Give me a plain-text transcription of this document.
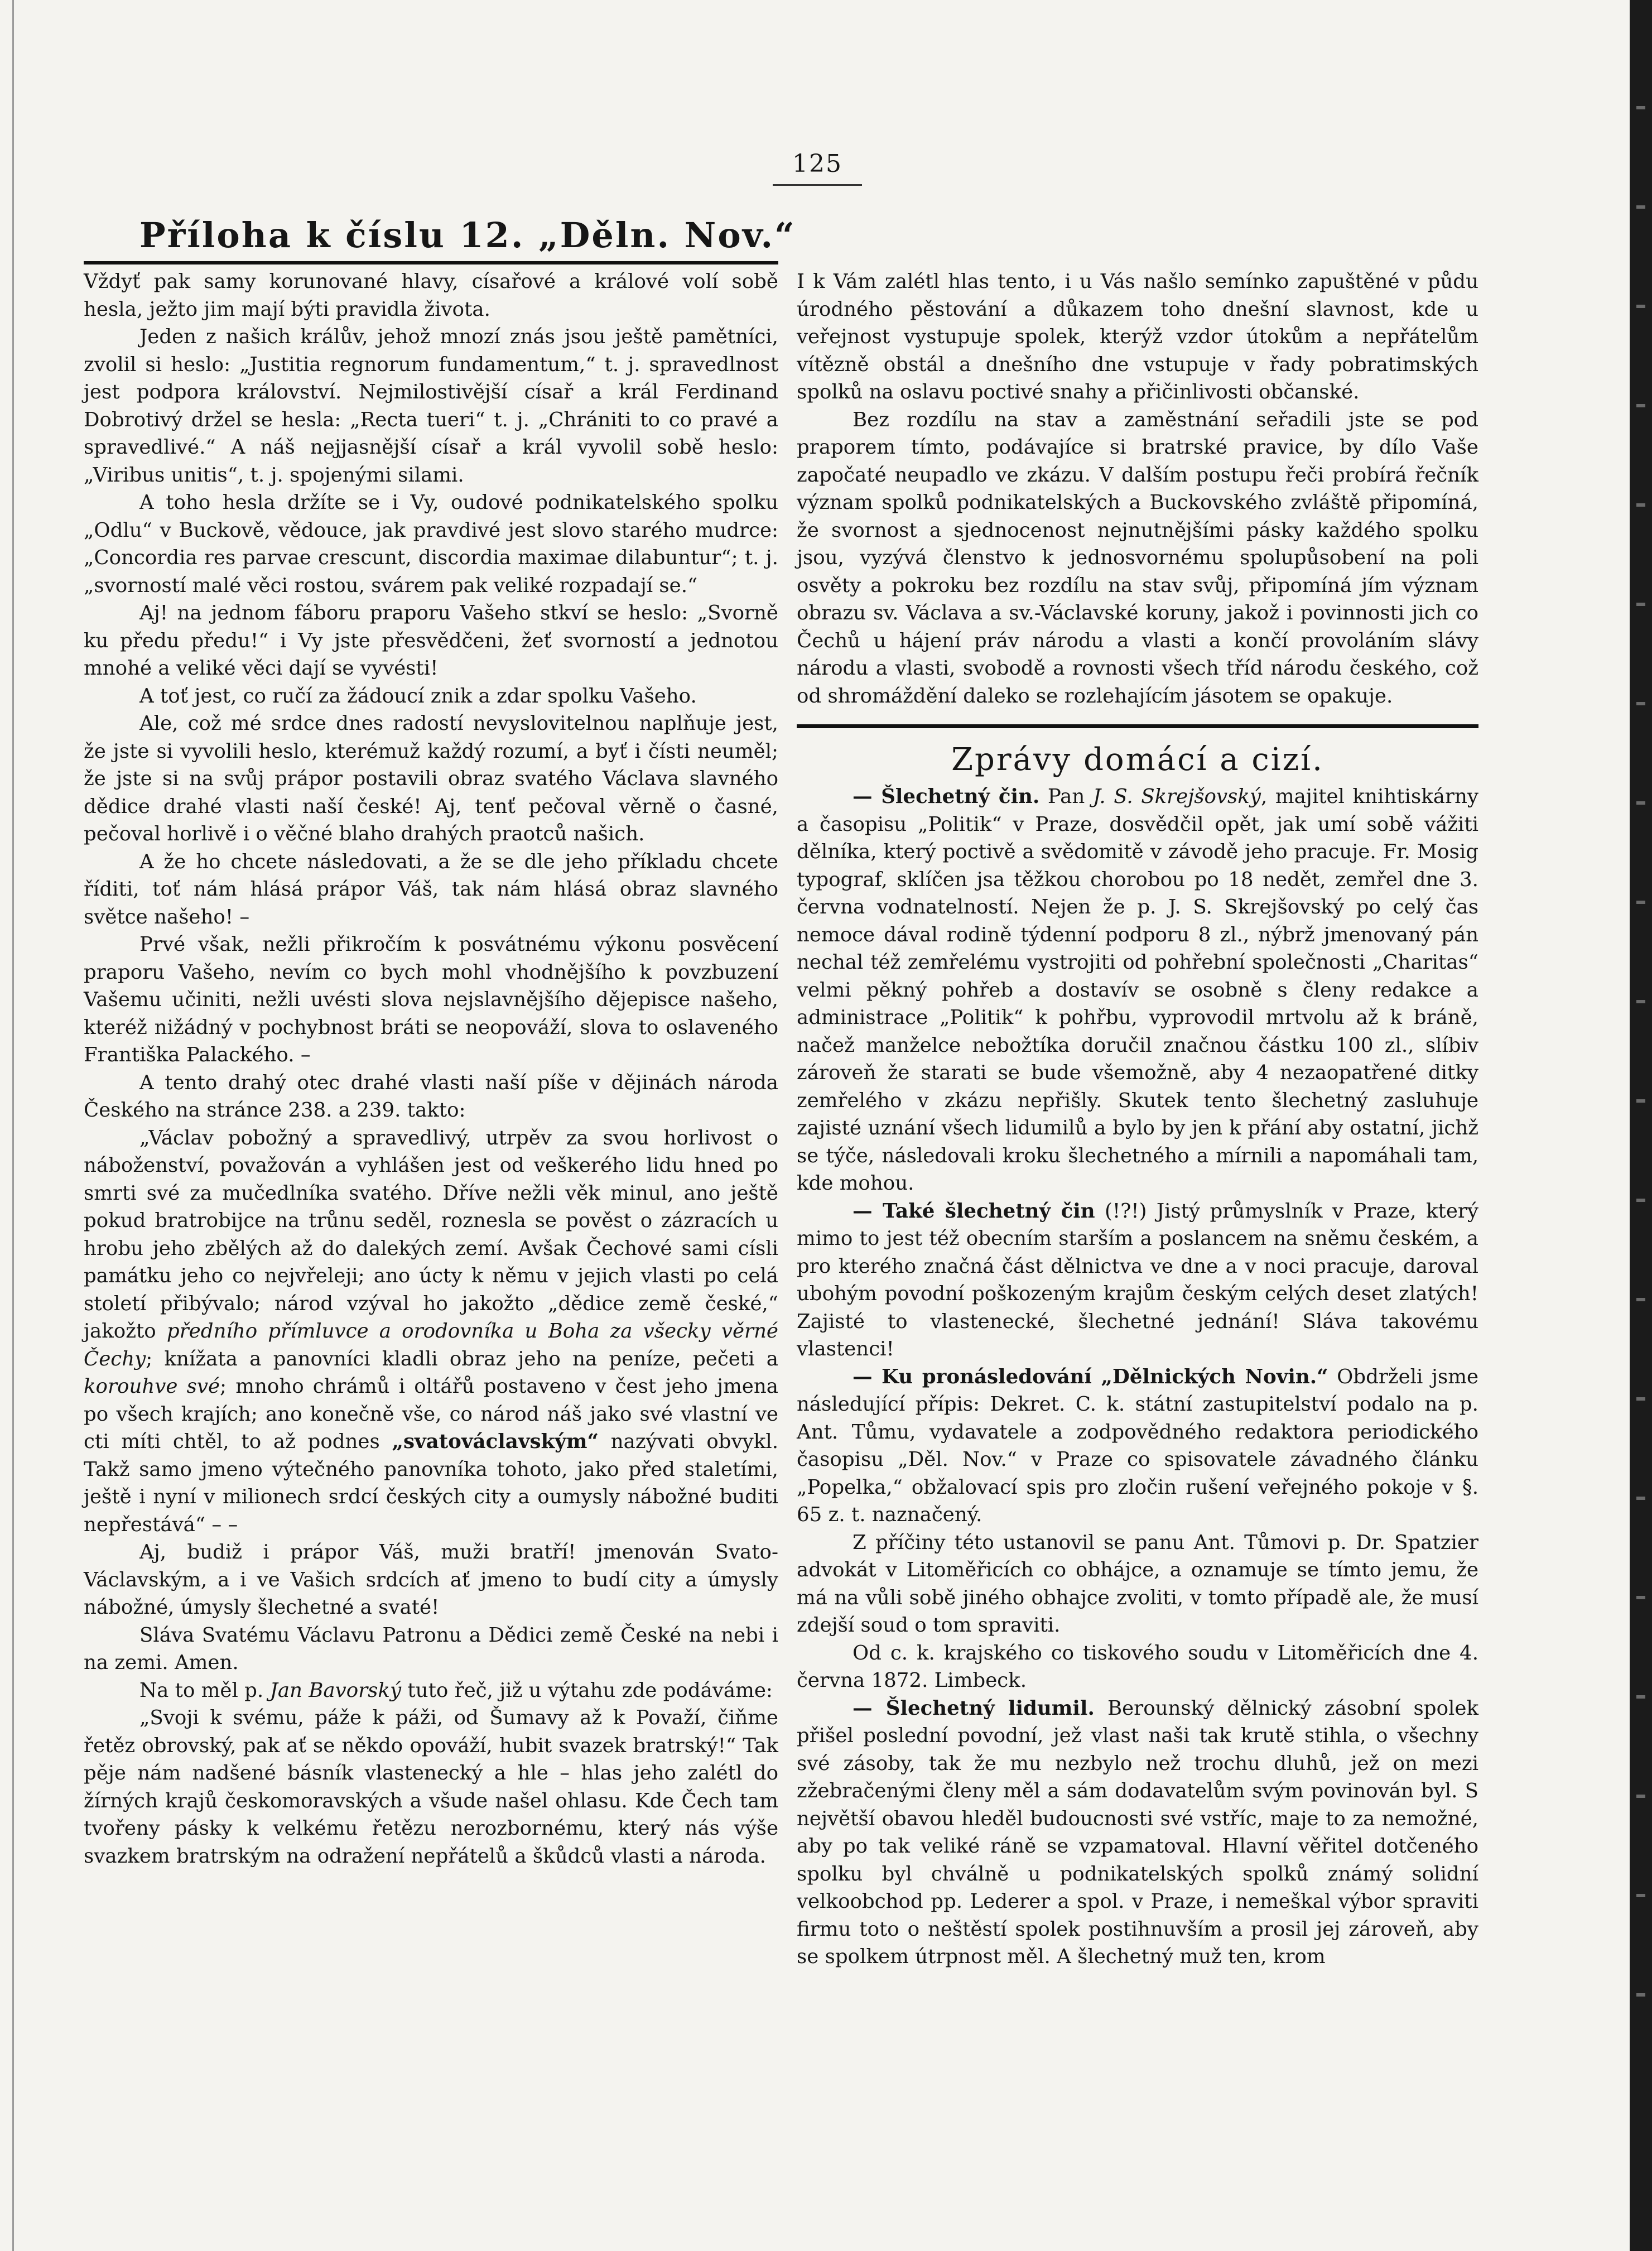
125
Příloha k číslu 12. „Děln. Nov.“

Vždyť pak samy korunované hlavy, císařové a králové volí sobě hesla, ježto jim mají býti pravidla života.

Jeden z našich králův, jehož mnozí znás jsou ještě pamětníci, zvolil si heslo: „Justitia regnorum fundamentum,“ t. j. spravedlnost jest podpora království. Nejmilostivější císař a král Ferdinand Dobrotivý držel se hesla: „Recta tueri“ t. j. „Chrániti to co pravé a spravedlivé.“ A náš nejjasnější císař a král vyvolil sobě heslo: „Viribus unitis“, t. j. spojenými silami.

A toho hesla držíte se i Vy, oudové podnikatelského spolku „Odlu“ v Buckově, vědouce, jak pravdivé jest slovo starého mudrce: „Concordia res parvae crescunt, discordia maximae dilabuntur“; t. j. „svorností malé věci rostou, svárem pak veliké rozpadají se.“

Aj! na jednom fáboru praporu Vašeho stkví se heslo: „Svorně ku předu předu!“ i Vy jste přesvědčeni, žeť svorností a jednotou mnohé a veliké věci dají se vyvésti!

A toť jest, co ručí za žádoucí znik a zdar spolku Vašeho.

Ale, což mé srdce dnes radostí nevyslovitelnou naplňuje jest, že jste si vyvolili heslo, kterémuž každý rozumí, a byť i čísti neuměl; že jste si na svůj prápor postavili obraz svatého Václava slavného dědice drahé vlasti naší české! Aj, tenť pečoval věrně o časné, pečoval horlivě i o věčné blaho drahých praotců našich.

A že ho chcete následovati, a že se dle jeho příkladu chcete říditi, toť nám hlásá prápor Váš, tak nám hlásá obraz slavného světce našeho! –

Prvé však, nežli přikročím k posvátnému výkonu posvěcení praporu Vašeho, nevím co bych mohl vhodnějšího k povzbuzení Vašemu učiniti, nežli uvésti slova nejslavnějšího dějepisce našeho, kteréž nižádný v pochybnost bráti se neopováží, slova to oslaveného Františka Palackého. –

A tento drahý otec drahé vlasti naší píše v dějinách národa Českého na stránce 238. a 239. takto:

„Václav pobožný a spravedlivý, utrpěv za svou horlivost o náboženství, považován a vyhlášen jest od veškerého lidu hned po smrti své za mučedlníka svatého. Dříve nežli věk minul, ano ještě pokud bratrobijce na trůnu seděl, roznesla se pověst o zázracích u hrobu jeho zbělých až do dalekých zemí. Avšak Čechové sami císli památku jeho co nejvřeleji; ano úcty k němu v jejich vlasti po celá století přibývalo; národ vzýval ho jakožto „dědice země české,“ jakožto předního přímluvce a orodovníka u Boha za všecky věrné Čechy; knížata a panovníci kladli obraz jeho na peníze, pečeti a korouhve své; mnoho chrámů i oltářů postaveno v čest jeho jmena po všech krajích; ano konečně vše, co národ náš jako své vlastní ve cti míti chtěl, to až podnes „svatováclavským“ nazývati obvykl. Takž samo jmeno výtečného panovníka tohoto, jako před staletími, ještě i nyní v milionech srdcí českých city a oumysly nábožné buditi nepřestává“ – –

Aj, budiž i prápor Váš, muži bratří! jmenován Svato-Václavským, a i ve Vašich srdcích ať jmeno to budí city a úmysly nábožné, úmysly šlechetné a svaté!

Sláva Svatému Václavu Patronu a Dědici země České na nebi i na zemi. Amen.

Na to měl p. Jan Bavorský tuto řeč, již u výtahu zde podáváme:

„Svoji k svému, páže k páži, od Šumavy až k Považí, čiňme řetěz obrovský, pak ať se někdo opováží, hubit svazek bratrský!“ Tak pěje nám nadšené básník vlastenecký a hle – hlas jeho zalétl do žírných krajů českomoravských a všude našel ohlasu. Kde Čech tam tvořeny pásky k velkému řetězu nerozbornému, který nás výše svazkem bratrským na odražení nepřátelů a škůdců vlasti a národa.

I k Vám zalétl hlas tento, i u Vás našlo semínko zapuštěné v půdu úrodného pěstování a důkazem toho dnešní slavnost, kde u veřejnost vystupuje spolek, kterýž vzdor útokům a nepřátelům vítězně obstál a dnešního dne vstupuje v řady pobratimských spolků na oslavu poctivé snahy a přičinlivosti občanské.

Bez rozdílu na stav a zaměstnání seřadili jste se pod praporem tímto, podávajíce si bratrské pravice, by dílo Vaše započaté neupadlo ve zkázu. V dalším postupu řeči probírá řečník význam spolků podnikatelských a Buckovského zvláště připomíná, že svornost a sjednocenost nejnutnějšími pásky každého spolku jsou, vyzývá členstvo k jednosvornému spolupůsobení na poli osvěty a pokroku bez rozdílu na stav svůj, připomíná jím význam obrazu sv. Václava a sv.-Václavské koruny, jakož i povinnosti jich co Čechů u hájení práv národu a vlasti a končí provoláním slávy národu a vlasti, svobodě a rovnosti všech tříd národu českého, což od shromáždění daleko se rozlehajícím jásotem se opakuje.

Zprávy domácí a cizí.

— Šlechetný čin. Pan J. S. Skrejšovský, majitel knihtiskárny a časopisu „Politik“ v Praze, dosvědčil opět, jak umí sobě vážiti dělníka, který poctivě a svědomitě v závodě jeho pracuje. Fr. Mosig typograf, sklíčen jsa těžkou chorobou po 18 nedět, zemřel dne 3. června vodnatelností. Nejen že p. J. S. Skrejšovský po celý čas nemoce dával rodině týdenní podporu 8 zl., nýbrž jmenovaný pán nechal též zemřelému vystrojiti od pohřební společnosti „Charitas“ velmi pěkný pohřeb a dostavív se osobně s členy redakce a administrace „Politik“ k pohřbu, vyprovodil mrtvolu až k bráně, načež manželce nebožtíka doručil značnou částku 100 zl., slíbiv zároveň že starati se bude všemožně, aby 4 nezaopatřené ditky zemřelého v zkázu nepřišly. Skutek tento šlechetný zasluhuje zajisté uznání všech lidumilů a bylo by jen k přání aby ostatní, jichž se týče, následovali kroku šlechetného a mírnili a napomáhali tam, kde mohou.

— Také šlechetný čin (!?!) Jistý průmyslník v Praze, který mimo to jest též obecním starším a poslancem na sněmu českém, a pro kterého značná část dělnictva ve dne a v noci pracuje, daroval ubohým povodní poškozeným krajům českým celých deset zlatých! Zajisté to vlastenecké, šlechetné jednání! Sláva takovému vlastenci!

— Ku pronásledování „Dělnických Novin.“ Obdrželi jsme následující přípis: Dekret. C. k. státní zastupitelství podalo na p. Ant. Tůmu, vydavatele a zodpovědného redaktora periodického časopisu „Děl. Nov.“ v Praze co spisovatele závadného článku „Popelka,“ obžalovací spis pro zločin rušení veřejného pokoje v §. 65 z. t. naznačený.

Z příčiny této ustanovil se panu Ant. Tůmovi p. Dr. Spatzier advokát v Litoměřicích co obhájce, a oznamuje se tímto jemu, že má na vůli sobě jiného obhajce zvoliti, v tomto případě ale, že musí zdejší soud o tom spraviti.

Od c. k. krajského co tiskového soudu v Litoměřicích dne 4. června 1872. Limbeck.

— Šlechetný lidumil. Berounský dělnický zásobní spolek přišel poslední povodní, jež vlast naši tak krutě stihla, o všechny své zásoby, tak že mu nezbylo než trochu dluhů, jež on mezi zžebračenými členy měl a sám dodavatelům svým povinován byl. S největší obavou hleděl budoucnosti své vstříc, maje to za nemožné, aby po tak veliké ráně se vzpamatoval. Hlavní věřitel dotčeného spolku byl chválně u podnikatelských spolků známý solidní velkoobchod pp. Lederer a spol. v Praze, i nemeškal výbor spraviti firmu toto o neštěstí spolek postihnuvším a prosil jej zároveň, aby se spolkem útrpnost měl. A šlechetný muž ten, krom
